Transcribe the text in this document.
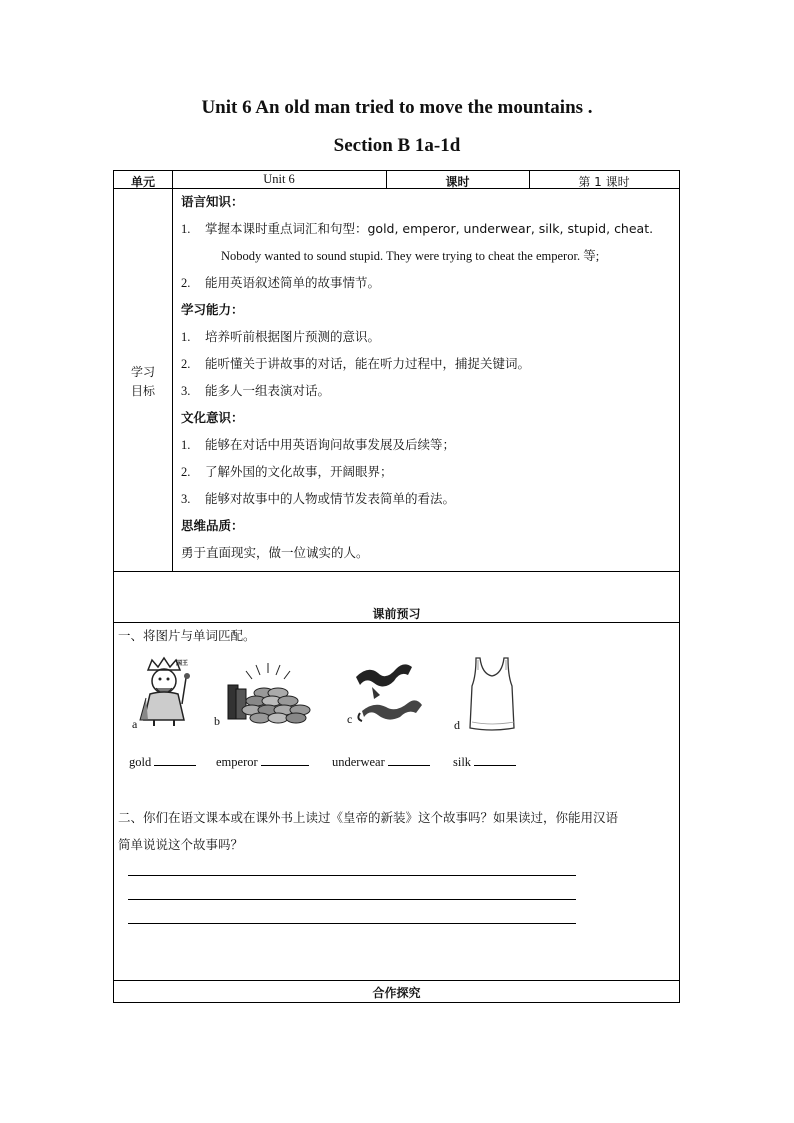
Unit 6 An old man tried to move the mountains .
Section B 1a-1d
单元	Unit 6	课时	第 1 课时
学习
目标
语言知识：
1. 掌握本课时重点词汇和句型：gold, emperor, underwear, silk, stupid, cheat.
Nobody wanted to sound stupid. They were trying to cheat the emperor. 等;
2. 能用英语叙述简单的故事情节。
学习能力：
1. 培养听前根据图片预测的意识。
2. 能听懂关于讲故事的对话，能在听力过程中，捕捉关键词。
3. 能多人一组表演对话。
文化意识：
1. 能够在对话中用英语询问故事发展及后续等；
2. 了解外国的文化故事，开阔眼界；
3. 能够对故事中的人物或情节发表简单的看法。
思维品质：
勇于直面现实，做一位诚实的人。
课前预习
一、将图片与单词匹配。
a
国王
b	c	d
gold	emperor	underwear	silk
二、你们在语文课本或在课外书上读过《皇帝的新装》这个故事吗？如果读过，你能用汉语
简单说说这个故事吗？
合作探究
